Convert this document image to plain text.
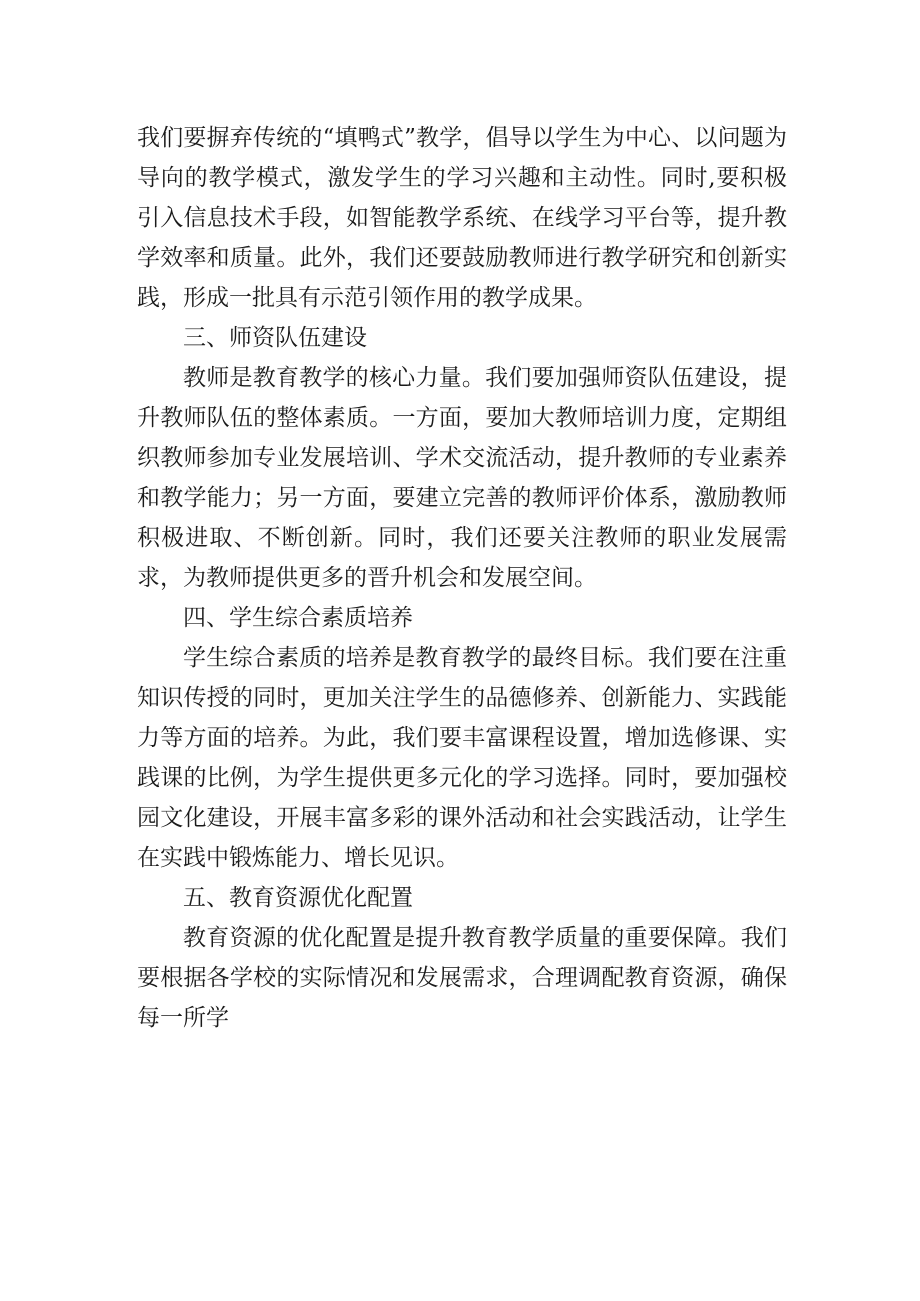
我们要摒弃传统的“填鸭式”教学，倡导以学生为中心、以问题为导向的教学模式，激发学生的学习兴趣和主动性。同时,要积极引入信息技术手段，如智能教学系统、在线学习平台等，提升教学效率和质量。此外，我们还要鼓励教师进行教学研究和创新实践，形成一批具有示范引领作用的教学成果。

三、师资队伍建设

教师是教育教学的核心力量。我们要加强师资队伍建设，提升教师队伍的整体素质。一方面，要加大教师培训力度，定期组织教师参加专业发展培训、学术交流活动，提升教师的专业素养和教学能力；另一方面，要建立完善的教师评价体系，激励教师积极进取、不断创新。同时，我们还要关注教师的职业发展需求，为教师提供更多的晋升机会和发展空间。

四、学生综合素质培养

学生综合素质的培养是教育教学的最终目标。我们要在注重知识传授的同时，更加关注学生的品德修养、创新能力、实践能力等方面的培养。为此，我们要丰富课程设置，增加选修课、实践课的比例，为学生提供更多元化的学习选择。同时，要加强校园文化建设，开展丰富多彩的课外活动和社会实践活动，让学生在实践中锻炼能力、增长见识。

五、教育资源优化配置

教育资源的优化配置是提升教育教学质量的重要保障。我们要根据各学校的实际情况和发展需求，合理调配教育资源，确保每一所学
